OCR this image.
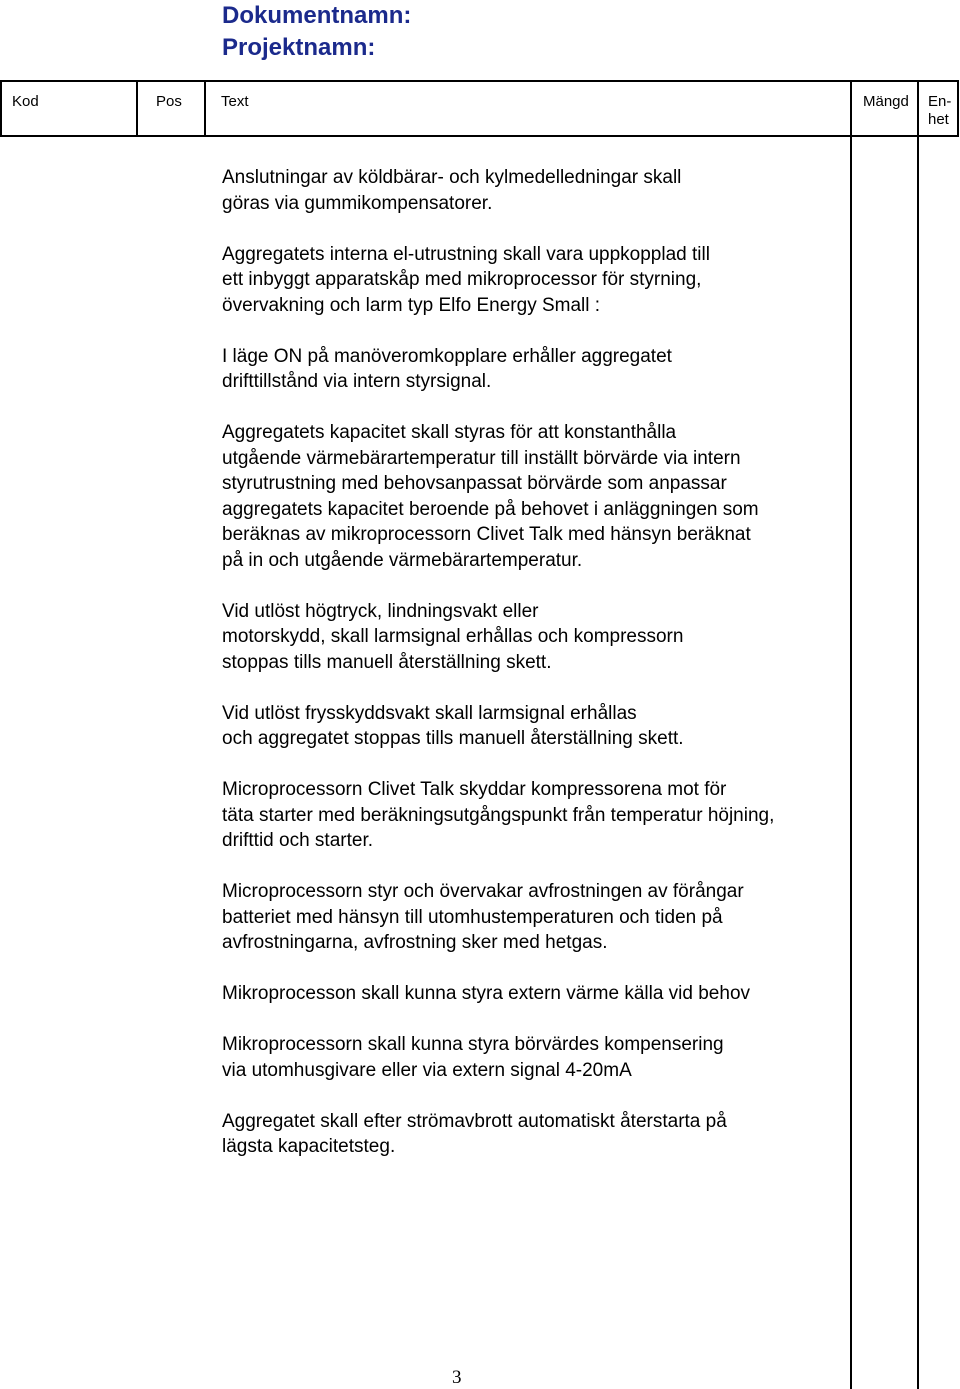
Dokumentnamn:
Projektnamn:
Kod	Pos	Text	Mängd En-
het

Anslutningar av köldbärar- och kylmedelledningar skall
göras via gummikompensatorer.

Aggregatets interna el-utrustning skall vara uppkopplad till
ett inbyggt apparatskåp med mikroprocessor för styrning,
övervakning och larm typ Elfo Energy Small :

I läge ON på manöveromkopplare erhåller aggregatet
drifttillstånd via intern styrsignal.

Aggregatets kapacitet skall styras för att konstanthålla
utgående värmebärartemperatur till inställt börvärde via intern
styrutrustning med behovsanpassat börvärde som anpassar
aggregatets kapacitet beroende på behovet i anläggningen som
beräknas av mikroprocessorn Clivet Talk med hänsyn beräknat
på in och utgående värmebärartemperatur.

Vid utlöst högtryck, lindningsvakt eller
motorskydd, skall larmsignal erhållas och kompressorn
stoppas tills manuell återställning skett.

Vid utlöst frysskyddsvakt skall larmsignal erhållas
och aggregatet stoppas tills manuell återställning skett.

Microprocessorn Clivet Talk skyddar kompressorena mot för
täta starter med beräkningsutgångspunkt från temperatur höjning,
drifttid och starter.

Microprocessorn styr och övervakar avfrostningen av förångar
batteriet med hänsyn till utomhustemperaturen och tiden på
avfrostningarna, avfrostning sker med hetgas.

Mikroprocesson skall kunna styra extern värme källa vid behov

Mikroprocessorn skall kunna styra börvärdes kompensering
via utomhusgivare eller via extern signal 4-20mA

Aggregatet skall efter strömavbrott automatiskt återstarta på
lägsta kapacitetsteg.

3
